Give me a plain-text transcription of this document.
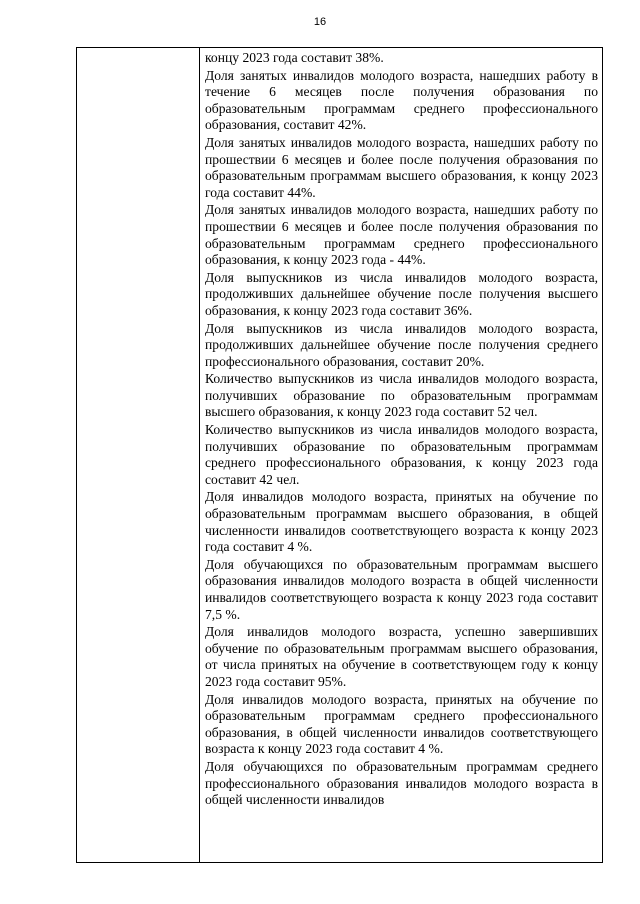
16

концу 2023 года составит 38%.

Доля занятых инвалидов молодого возраста, нашедших работу в течение 6 месяцев после получения образования по образовательным программам среднего профессионального образования, составит 42%.

Доля занятых инвалидов молодого возраста, нашедших работу по прошествии 6 месяцев и более после получения образования по образовательным программам высшего образования, к концу 2023 года составит 44%.

Доля занятых инвалидов молодого возраста, нашедших работу по прошествии 6 месяцев и более после получения образования по образовательным программам среднего профессионального образования, к концу 2023 года - 44%.

Доля выпускников из числа инвалидов молодого возраста, продолживших дальнейшее обучение после получения высшего образования, к концу 2023 года составит 36%.

Доля выпускников из числа инвалидов молодого возраста, продолживших дальнейшее обучение после получения среднего профессионального образования, составит 20%.

Количество выпускников из числа инвалидов молодого возраста, получивших образование по образовательным программам высшего образования, к концу 2023 года составит 52 чел.

Количество выпускников из числа инвалидов молодого возраста, получивших образование по образовательным программам среднего профессионального образования, к концу 2023 года составит 42 чел.

Доля инвалидов молодого возраста, принятых на обучение по образовательным программам высшего образования, в общей численности инвалидов соответствующего возраста к концу 2023 года составит 4 %.

Доля обучающихся по образовательным программам высшего образования инвалидов молодого возраста в общей численности инвалидов соответствующего возраста к концу 2023 года составит 7,5 %.

Доля инвалидов молодого возраста, успешно завершивших обучение по образовательным программам высшего образования, от числа принятых на обучение в соответствующем году к концу 2023 года составит 95%.

Доля инвалидов молодого возраста, принятых на обучение по образовательным программам среднего профессионального образования, в общей численности инвалидов соответствующего возраста к концу 2023 года составит 4 %.

Доля обучающихся по образовательным программам среднего профессионального образования инвалидов молодого возраста в общей численности инвалидов
